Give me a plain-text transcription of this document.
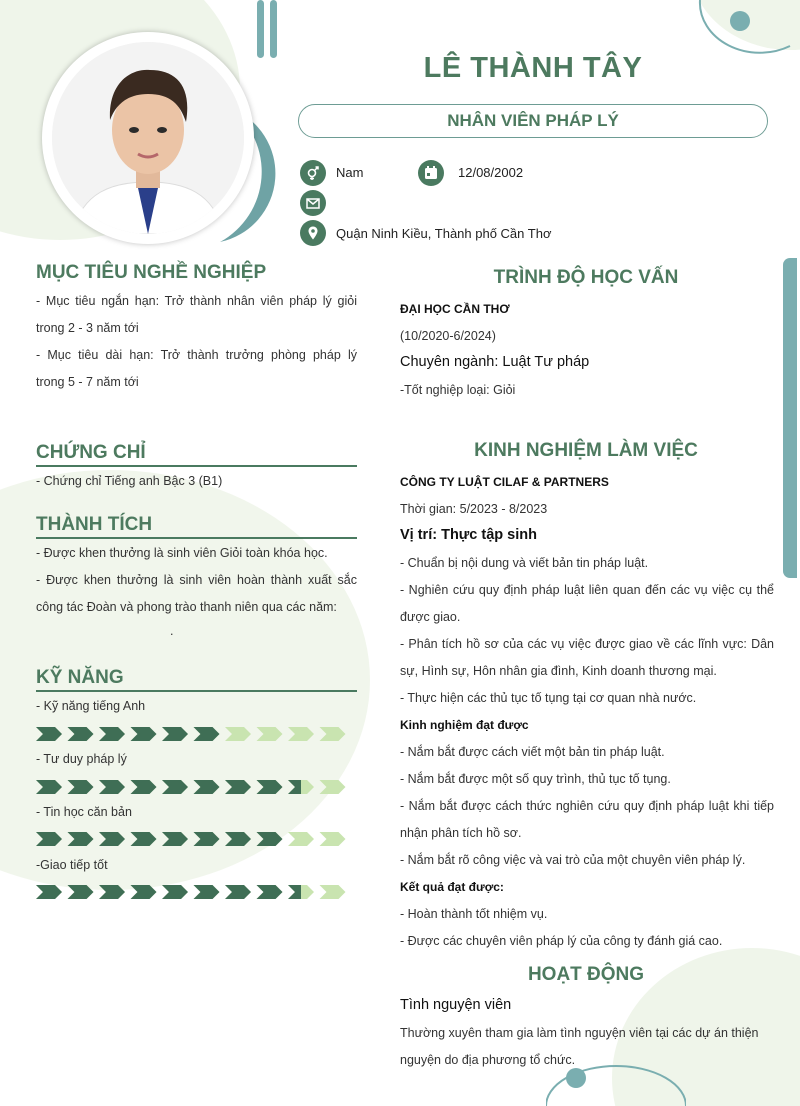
LÊ THÀNH TÂY
NHÂN VIÊN PHÁP LÝ
Nam	12/08/2002
Quận Ninh Kiều, Thành phố Cần Thơ
MỤC TIÊU NGHỀ NGHIỆP
- Mục tiêu ngắn hạn: Trở thành nhân viên pháp lý giỏi
trong 2 - 3 năm tới
- Mục tiêu dài hạn: Trở thành trưởng phòng pháp lý
trong 5 - 7 năm tới
CHỨNG CHỈ
- Chứng chỉ Tiếng anh Bậc 3 (B1)
THÀNH TÍCH
- Được khen thưởng là sinh viên Giỏi toàn khóa học.
- Được khen thưởng là sinh viên hoàn thành xuất sắc
công tác Đoàn và phong trào thanh niên qua các năm:
.
KỸ NĂNG
- Kỹ năng tiếng Anh
- Tư duy pháp lý
- Tin học căn bản
-Giao tiếp tốt
TRÌNH ĐỘ HỌC VẤN
ĐẠI HỌC CẦN THƠ
(10/2020-6/2024)
Chuyên ngành: Luật Tư pháp
-Tốt nghiệp loại: Giỏi
KINH NGHIỆM LÀM VIỆC
CÔNG TY LUẬT CILAF & PARTNERS
Thời gian: 5/2023 - 8/2023
Vị trí: Thực tập sinh
- Chuẩn bị nội dung và viết bản tin pháp luật.
- Nghiên cứu quy định pháp luật liên quan đến các vụ việc cụ thể
được giao.
- Phân tích hồ sơ của các vụ việc được giao về các lĩnh vực: Dân
sự, Hình sự, Hôn nhân gia đình, Kinh doanh thương mại.
- Thực hiện các thủ tục tố tụng tại cơ quan nhà nước.
Kinh nghiệm đạt được
- Nắm bắt được cách viết một bản tin pháp luật.
- Nắm bắt được một số quy trình, thủ tục tố tụng.
- Nắm bắt được cách thức nghiên cứu quy định pháp luật khi tiếp
nhận phân tích hồ sơ.
- Nắm bắt rõ công việc và vai trò của một chuyên viên pháp lý.
Kết quả đạt được:
- Hoàn thành tốt nhiệm vụ.
- Được các chuyên viên pháp lý của công ty đánh giá cao.
HOẠT ĐỘNG
Tình nguyện viên
Thường xuyên tham gia làm tình nguyện viên tại các dự án thiện
nguyện do địa phương tổ chức.
